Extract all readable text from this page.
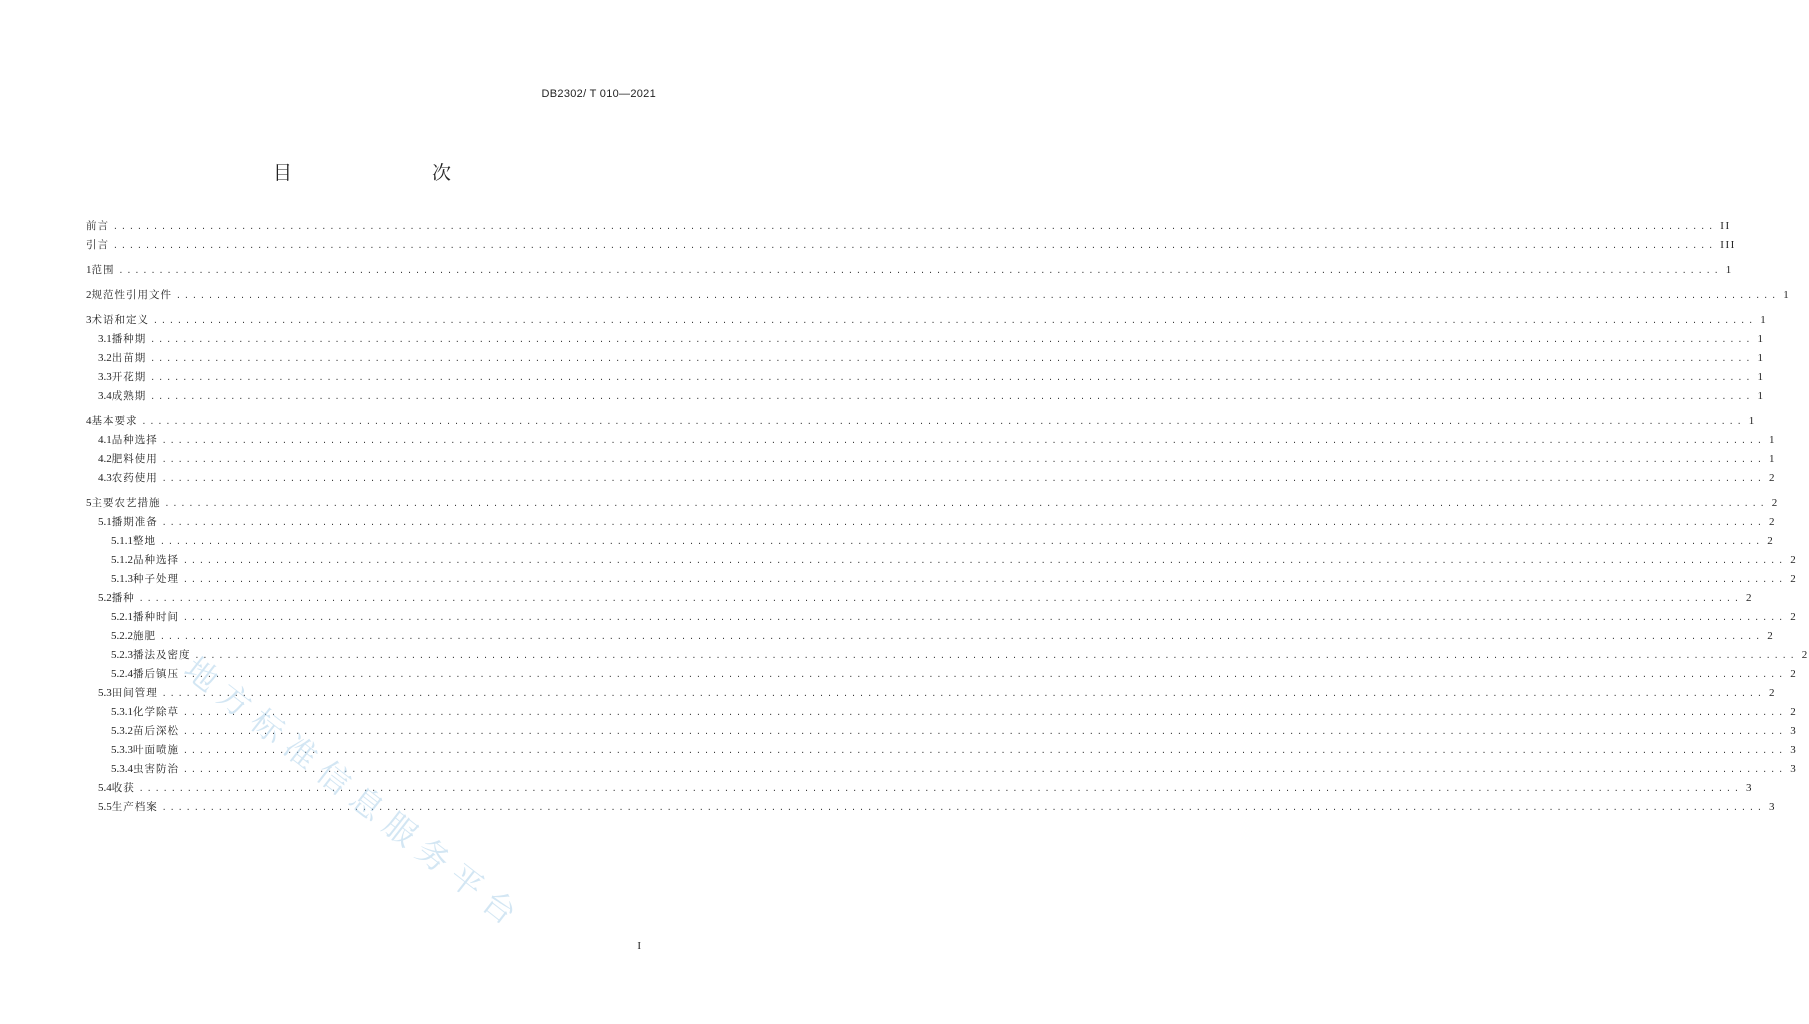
DB2302/ T 010—2021
目　　次
前言 ........................................................................................................................................................................................................ II
引言 ........................................................................................................................................................................................................ III
1 范围 ........................................................................................................................................................................................................ 1
2 规范性引用文件 ........................................................................................................................................................................................................ 1
3 术语和定义 ........................................................................................................................................................................................................ 1
3.1 播种期 ........................................................................................................................................................................................................ 1
3.2 出苗期 ........................................................................................................................................................................................................ 1
3.3 开花期 ........................................................................................................................................................................................................ 1
3.4 成熟期 ........................................................................................................................................................................................................ 1
4 基本要求 ........................................................................................................................................................................................................ 1
4.1 品种选择 ........................................................................................................................................................................................................ 1
4.2 肥料使用 ........................................................................................................................................................................................................ 1
4.3 农药使用 ........................................................................................................................................................................................................ 2
5 主要农艺措施 ........................................................................................................................................................................................................ 2
5.1 播期准备 ........................................................................................................................................................................................................ 2
5.1.1 整地 ........................................................................................................................................................................................................ 2
5.1.2 品种选择 ........................................................................................................................................................................................................ 2
5.1.3 种子处理 ........................................................................................................................................................................................................ 2
5.2 播种 ........................................................................................................................................................................................................ 2
5.2.1 播种时间 ........................................................................................................................................................................................................ 2
5.2.2 施肥 ........................................................................................................................................................................................................ 2
5.2.3 播法及密度 ........................................................................................................................................................................................................ 2
5.2.4 播后镇压 ........................................................................................................................................................................................................ 2
5.3 田间管理 ........................................................................................................................................................................................................ 2
5.3.1 化学除草 ........................................................................................................................................................................................................ 2
5.3.2 苗后深松 ........................................................................................................................................................................................................ 3
5.3.3 叶面喷施 ........................................................................................................................................................................................................ 3
5.3.4 虫害防治 ........................................................................................................................................................................................................ 3
5.4 收获 ........................................................................................................................................................................................................ 3
5.5 生产档案 ........................................................................................................................................................................................................ 3
地方标准信息服务平台
I
